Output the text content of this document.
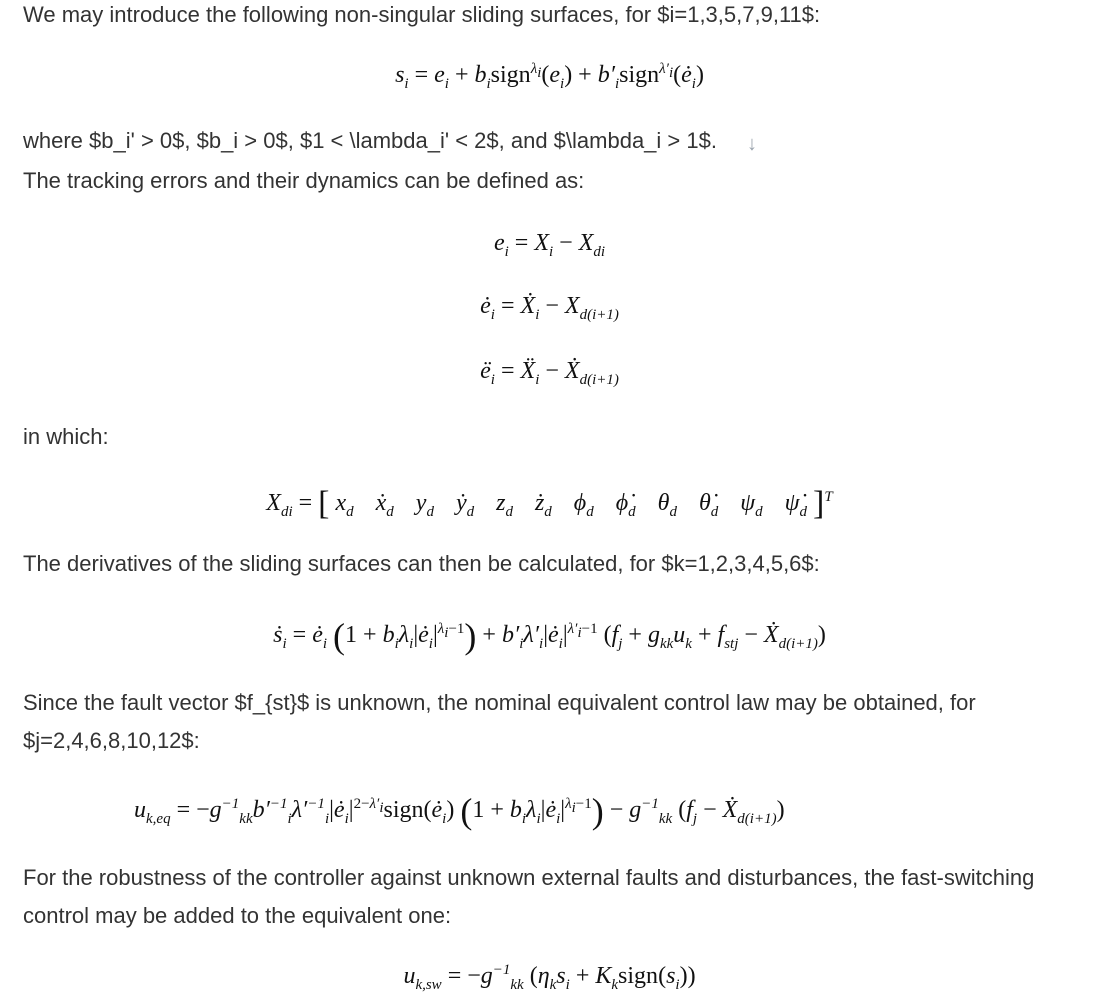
We may introduce the following non-singular sliding surfaces, for $i=1,3,5,7,9,11$:
$s_i = e_i$ + $b_isign^{\lambda_i}(e_i)$ + $b'_isign^{\lambda'_i}(ė_i)$
where $b_i' > 0$, $b_i > 0$, $1 < \lambda_i' < 2$, and $\lambda_i > 1$. ↓
The tracking errors and their dynamics can be defined as:
$e_i = X_i - X_{di}$
$ė_i$ = Ẋ$_i$ − $X_{d(i+1)}$
$ë_i$ = Ẍ$_i$ − Ẋ$_{d(i+1)}$
in which:
$X_{di}$ = [ $x_d$ ẋ$_d$ $y_d$ ẏ$_d$ $z_d$ $ż_d$ $\phi_d$ $\phi̇_d$ $\theta_d$ $\thetȧ_d$ $\psi_d$ $\psi̇_d$ ]$^T$
The derivatives of the sliding surfaces can then be calculated, for $k=1,2,3,4,5,6$:
ṡ$_i$ = $ė_i$ $(1 + b_i\lambda_i|ė_i|^{\lambda_i-1})$ + $b'_i\lambda'_i|ė_i|^{\lambda'_i-1}$ ($f_j + g_{kk}u_k + f_{stj}$ − Ẋ$_{d(i+1)}$)
Since the fault vector $f_{st}$ is unknown, the nominal equivalent control law may be obtained, for $j=2,4,6,8,10,12$:
$u_{k,eq}$ = $-g^{-1}_{kk}b'^{-1}_i\lambda'^{-1}_i|ė_i|^{2-\lambda'_i}sign(ė_i) (1$ + $b_i\lambda_i|ė_i|^{\lambda_i-1}) - g^{-1}_{kk}$ ($f_j$ − Ẋ$_{d(i+1)}$)
For the robustness of the controller against unknown external faults and disturbances, the fast-switching control may be added to the equivalent one:
$u_{k,sw} = -g^{-1}_{kk}$ ($\eta_ks_i$ + $K_ksign(s_i)$)
